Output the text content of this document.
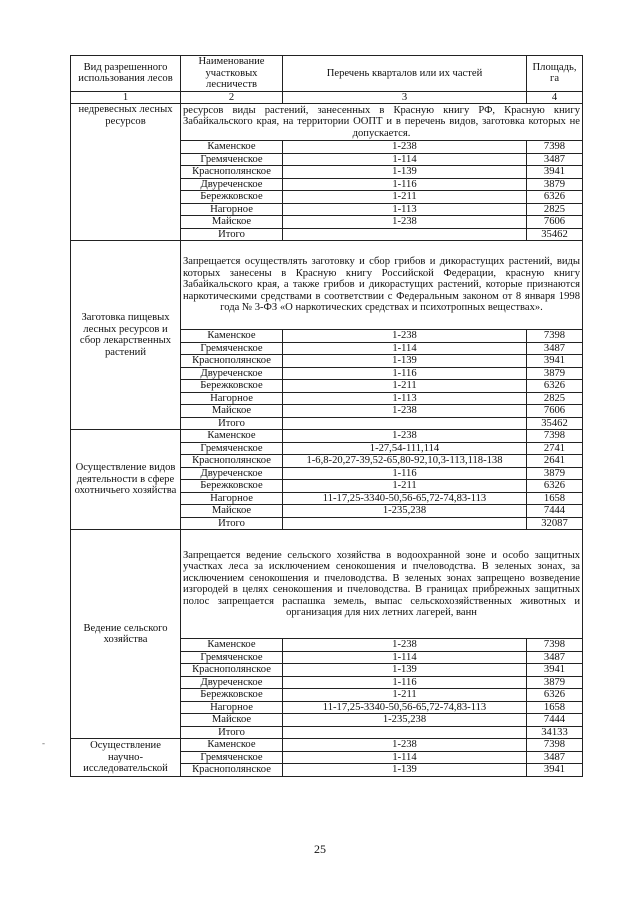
Вид разрешенного использования лесов	Наименование участковых лесничеств	Перечень кварталов или их частей	Площадь, га
1	2	3	4
недревесных лесных ресурсов	ресурсов виды растений, занесенных в Красную книгу РФ, Красную книгу Забайкальского края, на территории ООПТ и в перечень видов, заготовка которых не допускается.		
	Каменское	1-238	7398
	Гремяченское	1-114	3487
	Краснополянское	1-139	3941
	Двуреченское	1-116	3879
	Бережковское	1-211	6326
	Нагорное	1-113	2825
	Майское	1-238	7606
	Итого		35462
Заготовка пищевых лесных ресурсов и сбор лекарственных растений	Запрещается осуществлять заготовку и сбор грибов и дикорастущих растений, виды которых занесены в Красную книгу Российской Федерации, красную книгу Забайкальского края, а также грибов и дикорастущих растений, которые признаются наркотическими средствами в соответствии с Федеральным законом от 8 января 1998 года № 3-ФЗ «О наркотических средствах и психотропных веществах».		
	Каменское	1-238	7398
	Гремяченское	1-114	3487
	Краснополянское	1-139	3941
	Двуреченское	1-116	3879
	Бережковское	1-211	6326
	Нагорное	1-113	2825
	Майское	1-238	7606
	Итого		35462
Осуществление видов деятельности в сфере охотничьего хозяйства	Каменское	1-238	7398
	Гремяченское	1-27,54-111,114	2741
	Краснополянское	1-6,8-20,27-39,52-65,80-92,10,3-113,118-138	2641
	Двуреченское	1-116	3879
	Бережковское	1-211	6326
	Нагорное	11-17,25-3340-50,56-65,72-74,83-113	1658
	Майское	1-235,238	7444
	Итого		32087
Ведение сельского хозяйства	Запрещается ведение сельского хозяйства в водоохранной зоне и особо защитных участках леса за исключением сенокошения и пчеловодства. В зеленых зонах, за исключением сенокошения и пчеловодства. В зеленых зонах запрещено возведение изгородей в целях сенокошения и пчеловодства. В границах прибрежных защитных полос запрещается распашка земель, выпас сельскохозяйственных животных и организация для них летних лагерей, ванн		
	Каменское	1-238	7398
	Гремяченское	1-114	3487
	Краснополянское	1-139	3941
	Двуреченское	1-116	3879
	Бережковское	1-211	6326
	Нагорное	11-17,25-3340-50,56-65,72-74,83-113	1658
	Майское	1-235,238	7444
	Итого		34133
Осуществление научно-исследовательской	Каменское	1-238	7398
	Гремяченское	1-114	3487
	Краснополянское	1-139	3941
25
-
